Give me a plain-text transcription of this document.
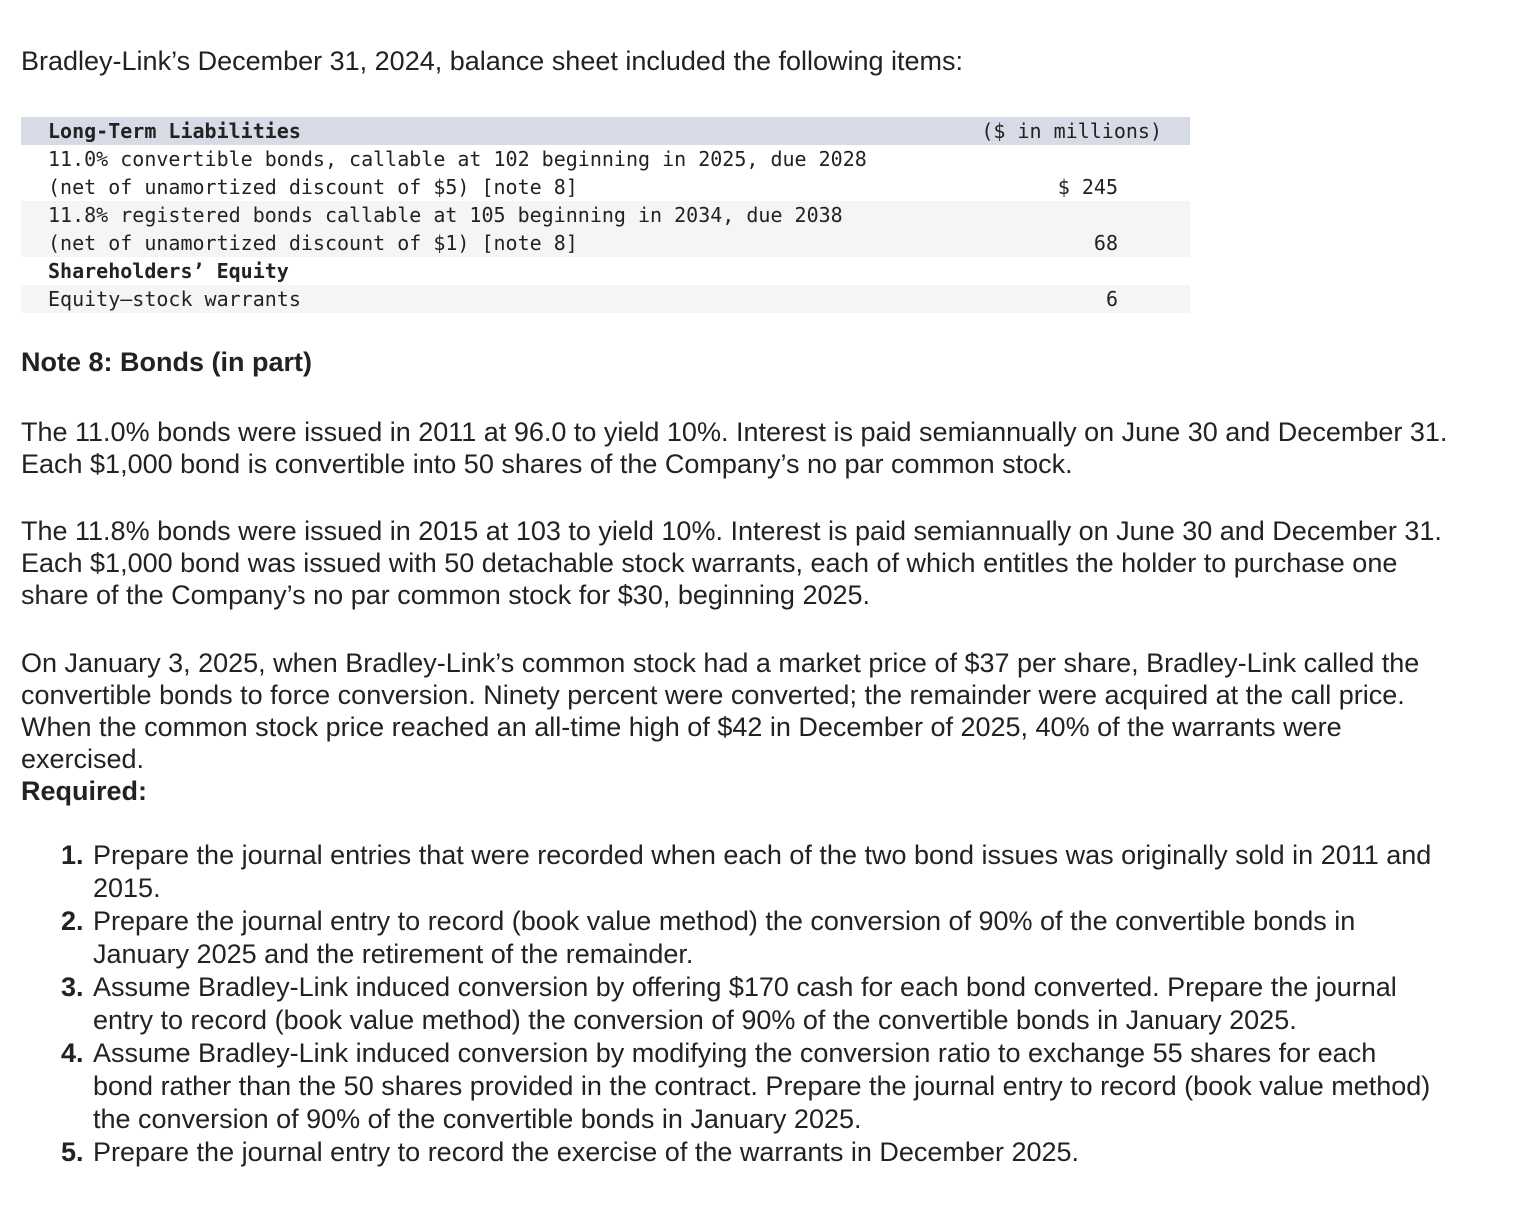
Bradley-Link’s December 31, 2024, balance sheet included the following items:
Long-Term Liabilities	($ in millions)
11.0% convertible bonds, callable at 102 beginning in 2025, due 2028
(net of unamortized discount of $5) [note 8]	$ 245
11.8% registered bonds callable at 105 beginning in 2034, due 2038
(net of unamortized discount of $1) [note 8]	68
Shareholders’ Equity
Equity—stock warrants	6
Note 8: Bonds (in part)
The 11.0% bonds were issued in 2011 at 96.0 to yield 10%. Interest is paid semiannually on June 30 and December 31.
Each $1,000 bond is convertible into 50 shares of the Company’s no par common stock.
The 11.8% bonds were issued in 2015 at 103 to yield 10%. Interest is paid semiannually on June 30 and December 31.
Each $1,000 bond was issued with 50 detachable stock warrants, each of which entitles the holder to purchase one
share of the Company’s no par common stock for $30, beginning 2025.
On January 3, 2025, when Bradley-Link’s common stock had a market price of $37 per share, Bradley-Link called the
convertible bonds to force conversion. Ninety percent were converted; the remainder were acquired at the call price.
When the common stock price reached an all-time high of $42 in December of 2025, 40% of the warrants were
exercised.
Required:
1. Prepare the journal entries that were recorded when each of the two bond issues was originally sold in 2011 and
2015.
2. Prepare the journal entry to record (book value method) the conversion of 90% of the convertible bonds in
January 2025 and the retirement of the remainder.
3. Assume Bradley-Link induced conversion by offering $170 cash for each bond converted. Prepare the journal
entry to record (book value method) the conversion of 90% of the convertible bonds in January 2025.
4. Assume Bradley-Link induced conversion by modifying the conversion ratio to exchange 55 shares for each
bond rather than the 50 shares provided in the contract. Prepare the journal entry to record (book value method)
the conversion of 90% of the convertible bonds in January 2025.
5. Prepare the journal entry to record the exercise of the warrants in December 2025.
